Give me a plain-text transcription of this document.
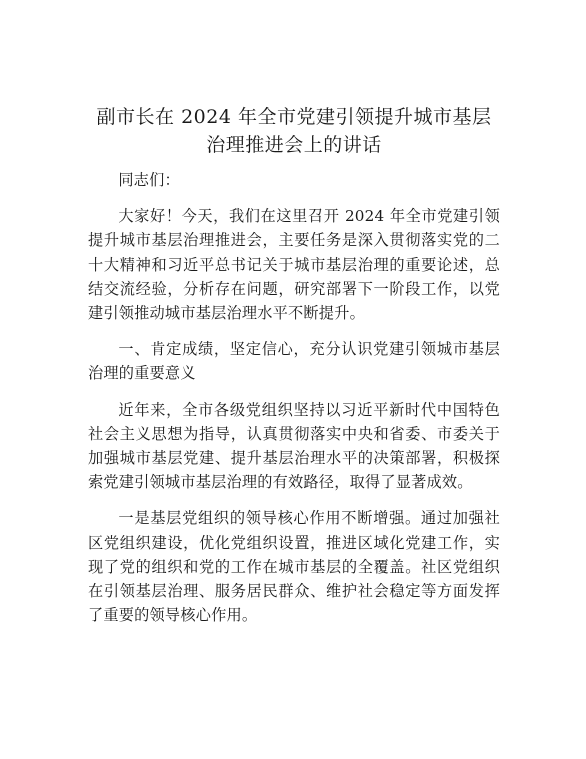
副市长在 2024 年全市党建引领提升城市基层治理推进会上的讲话

同志们：

大家好！今天，我们在这里召开 2024 年全市党建引领提升城市基层治理推进会，主要任务是深入贯彻落实党的二十大精神和习近平总书记关于城市基层治理的重要论述，总结交流经验，分析存在问题，研究部署下一阶段工作，以党建引领推动城市基层治理水平不断提升。

一、肯定成绩，坚定信心，充分认识党建引领城市基层治理的重要意义

近年来，全市各级党组织坚持以习近平新时代中国特色社会主义思想为指导，认真贯彻落实中央和省委、市委关于加强城市基层党建、提升基层治理水平的决策部署，积极探索党建引领城市基层治理的有效路径，取得了显著成效。

一是基层党组织的领导核心作用不断增强。通过加强社区党组织建设，优化党组织设置，推进区域化党建工作，实现了党的组织和党的工作在城市基层的全覆盖。社区党组织在引领基层治理、服务居民群众、维护社会稳定等方面发挥了重要的领导核心作用。
